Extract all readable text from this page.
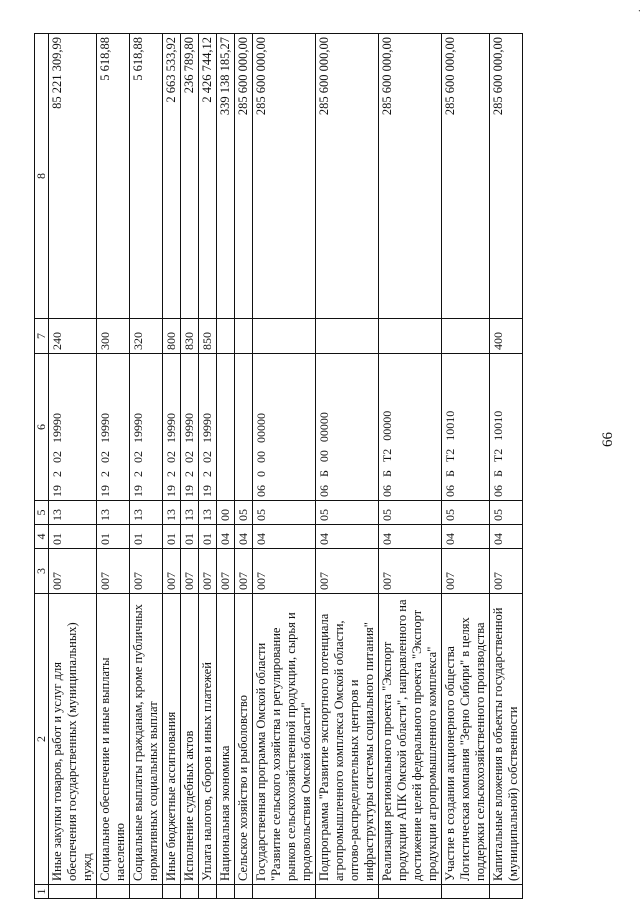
66
.
1	2	3	4	5	6	7	8
	Иные закупки товаров, работ и услуг для обеспечения государственных (муниципальных) нужд	007	01	13	19 2 02 19990	240	85 221 309,99
	Социальное обеспечение и иные выплаты населению	007	01	13	19 2 02 19990	300	5 618,88
	Социальные выплаты гражданам, кроме публичных нормативных социальных выплат	007	01	13	19 2 02 19990	320	5 618,88
	Иные бюджетные ассигнования	007	01	13	19 2 02 19990	800	2 663 533,92
	Исполнение судебных актов	007	01	13	19 2 02 19990	830	236 789,80
	Уплата налогов, сборов и иных платежей	007	01	13	19 2 02 19990	850	2 426 744,12
	Национальная экономика	007	04	00			339 138 185,27
	Сельское хозяйство и рыболовство	007	04	05			285 600 000,00
	Государственная программа Омской области "Развитие сельского хозяйства и регулирование рынков сельскохозяйственной продукции, сырья и продовольствия Омской области"	007	04	05	06 0 00 00000		285 600 000,00
	Подпрограмма "Развитие экспортного потенциала агропромышленного комплекса Омской области, оптово-распределительных центров и инфраструктуры системы социального питания"	007	04	05	06 Б 00 00000		285 600 000,00
	Реализация регионального проекта "Экспорт продукции АПК Омской области", направленного на достижение целей федерального проекта "Экспорт продукции агропромышленного комплекса"	007	04	05	06 Б T2 00000		285 600 000,00
	Участие в создании акционерного общества Логистическая компания "Зерно Сибири" в целях поддержки сельскохозяйственного производства	007	04	05	06 Б T2 10010		285 600 000,00
	Капитальные вложения в объекты государственной (муниципальной) собственности	007	04	05	06 Б T2 10010	400	285 600 000,00
